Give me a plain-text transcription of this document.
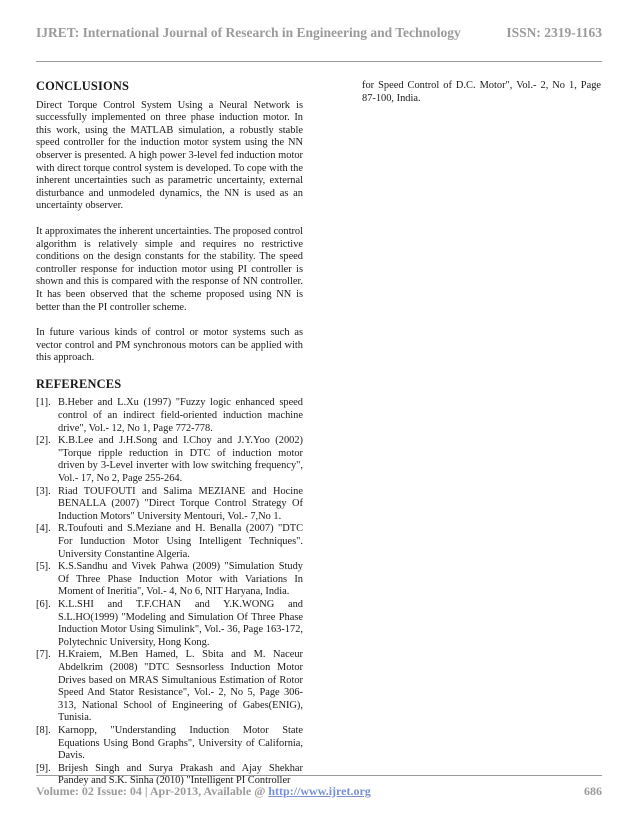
IJRET: International Journal of Research in Engineering and Technology	ISSN: 2319-1163
CONCLUSIONS

Direct Torque Control System Using a Neural Network is successfully implemented on three phase induction motor. In this work, using the MATLAB simulation, a robustly stable speed controller for the induction motor system using the NN observer is presented. A high power 3-level fed induction motor with direct torque control system is developed. To cope with the inherent uncertainties such as parametric uncertainty, external disturbance and unmodeled dynamics, the NN is used as an uncertainty observer.

It approximates the inherent uncertainties. The proposed control algorithm is relatively simple and requires no restrictive conditions on the design constants for the stability. The speed controller response for induction motor using PI controller is shown and this is compared with the response of NN controller. It has been observed that the scheme proposed using NN is better than the PI controller scheme.

In future various kinds of control or motor systems such as vector control and PM synchronous motors can be applied with this approach.

REFERENCES
[1]. B.Heber and L.Xu (1997) "Fuzzy logic enhanced speed control of an indirect field-oriented induction machine drive", Vol.- 12, No 1, Page 772-778.
[2]. K.B.Lee and J.H.Song and I.Choy and J.Y.Yoo (2002) "Torque ripple reduction in DTC of induction motor driven by 3-Level inverter with low switching frequency", Vol.- 17, No 2, Page 255-264.
[3]. Riad TOUFOUTI and Salima MEZIANE and Hocine BENALLA (2007) "Direct Torque Control Strategy Of Induction Motors" University Mentouri, Vol.- 7,No 1.
[4]. R.Toufouti and S.Meziane and H. Benalla (2007) "DTC For Iunduction Motor Using Intelligent Techniques". University Constantine Algeria.
[5]. K.S.Sandhu and Vivek Pahwa (2009) "Simulation Study Of Three Phase Induction Motor with Variations In Moment of Ineritia", Vol.- 4, No 6, NIT Haryana, India.
[6]. K.L.SHI and T.F.CHAN and Y.K.WONG and S.L.HO(1999) "Modeling and Simulation Of Three Phase Induction Motor Using Simulink", Vol.- 36, Page 163-172, Polytechnic University, Hong Kong.
[7]. H.Kraiem, M.Ben Hamed, L. Sbita and M. Naceur Abdelkrim (2008) "DTC Sesnsorless Induction Motor Drives based on MRAS Simultanious Estimation of Rotor Speed And Stator Resistance", Vol.- 2, No 5, Page 306-313, National School of Engineering of Gabes(ENIG), Tunisia.
[8]. Karnopp, "Understanding Induction Motor State Equations Using Bond Graphs", University of California, Davis.
[9]. Brijesh Singh and Surya Prakash and Ajay Shekhar Pandey and S.K. Sinha (2010) "Intelligent PI Controller
for Speed Control of D.C. Motor", Vol.- 2, No 1, Page 87-100, India.
Volume: 02 Issue: 04 | Apr-2013, Available @ http://www.ijret.org	686
